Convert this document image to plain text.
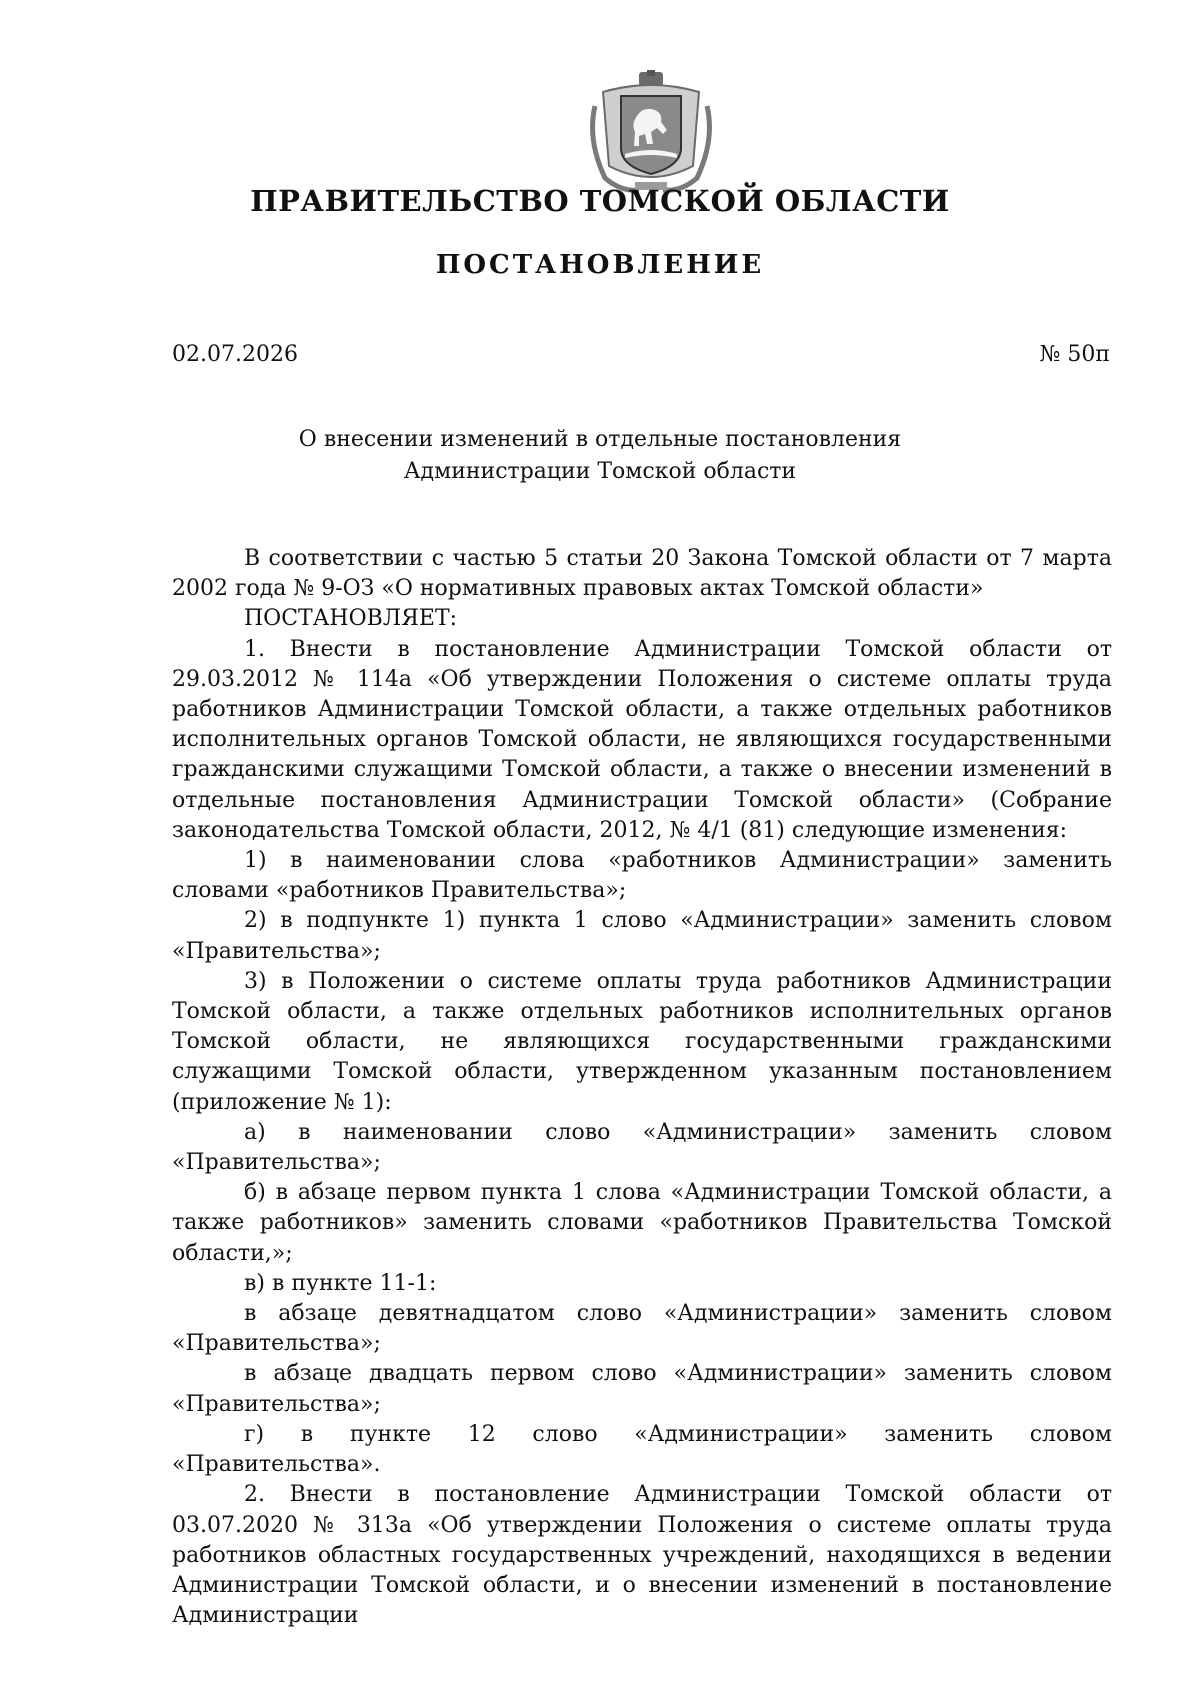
ПРАВИТЕЛЬСТВО ТОМСКОЙ ОБЛАСТИ
ПОСТАНОВЛЕНИЕ
02.07.2026	№ 50п
О внесении изменений в отдельные постановления
Администрации Томской области

В соответствии с частью 5 статьи 20 Закона Томской области от 7 марта 2002 года № 9-ОЗ «О нормативных правовых актах Томской области»

ПОСТАНОВЛЯЕТ:

1. Внести в постановление Администрации Томской области от 29.03.2012 № 114а «Об утверждении Положения о системе оплаты труда работников Администрации Томской области, а также отдельных работников исполнительных органов Томской области, не являющихся государственными гражданскими служащими Томской области, а также о внесении изменений в отдельные постановления Администрации Томской области» (Собрание законодательства Томской области, 2012, № 4/1 (81) следующие изменения:

1) в наименовании слова «работников Администрации» заменить словами «работников Правительства»;

2) в подпункте 1) пункта 1 слово «Администрации» заменить словом «Правительства»;

3) в Положении о системе оплаты труда работников Администрации Томской области, а также отдельных работников исполнительных органов Томской области, не являющихся государственными гражданскими служащими Томской области, утвержденном указанным постановлением (приложение № 1):

а) в наименовании слово «Администрации» заменить словом «Правительства»;

б) в абзаце первом пункта 1 слова «Администрации Томской области, а также работников» заменить словами «работников Правительства Томской области,»;

в) в пункте 11-1:

в абзаце девятнадцатом слово «Администрации» заменить словом «Правительства»;

в абзаце двадцать первом слово «Администрации» заменить словом «Правительства»;

г) в пункте 12 слово «Администрации» заменить словом «Правительства».

2. Внести в постановление Администрации Томской области от 03.07.2020 № 313а «Об утверждении Положения о системе оплаты труда работников областных государственных учреждений, находящихся в ведении Администрации Томской области, и о внесении изменений в постановление Администрации
